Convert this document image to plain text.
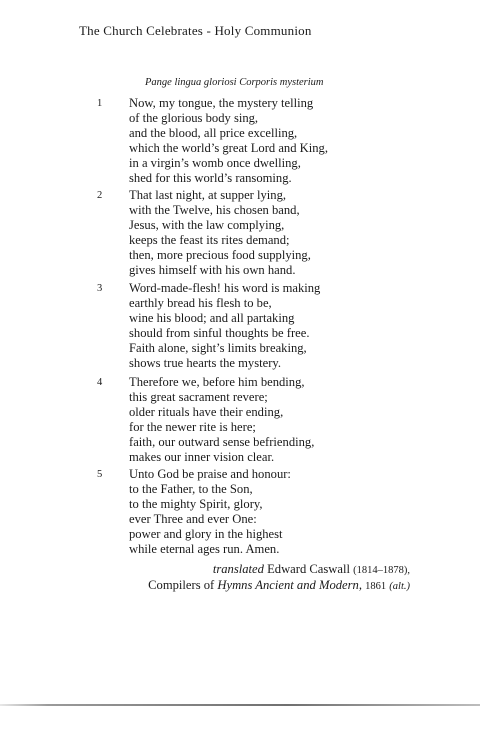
The Church Celebrates - Holy Communion
Pange lingua gloriosi Corporis mysterium
1 Now, my tongue, the mystery telling
of the glorious body sing,
and the blood, all price excelling,
which the world’s great Lord and King,
in a virgin’s womb once dwelling,
shed for this world’s ransoming.
2 That last night, at supper lying,
with the Twelve, his chosen band,
Jesus, with the law complying,
keeps the feast its rites demand;
then, more precious food supplying,
gives himself with his own hand.
3 Word-made-flesh! his word is making
earthly bread his flesh to be,
wine his blood; and all partaking
should from sinful thoughts be free.
Faith alone, sight’s limits breaking,
shows true hearts the mystery.
4 Therefore we, before him bending,
this great sacrament revere;
older rituals have their ending,
for the newer rite is here;
faith, our outward sense befriending,
makes our inner vision clear.
5 Unto God be praise and honour:
to the Father, to the Son,
to the mighty Spirit, glory,
ever Three and ever One:
power and glory in the highest
while eternal ages run. Amen.
translated Edward Caswall (1814–1878),
Compilers of Hymns Ancient and Modern, 1861 (alt.)
